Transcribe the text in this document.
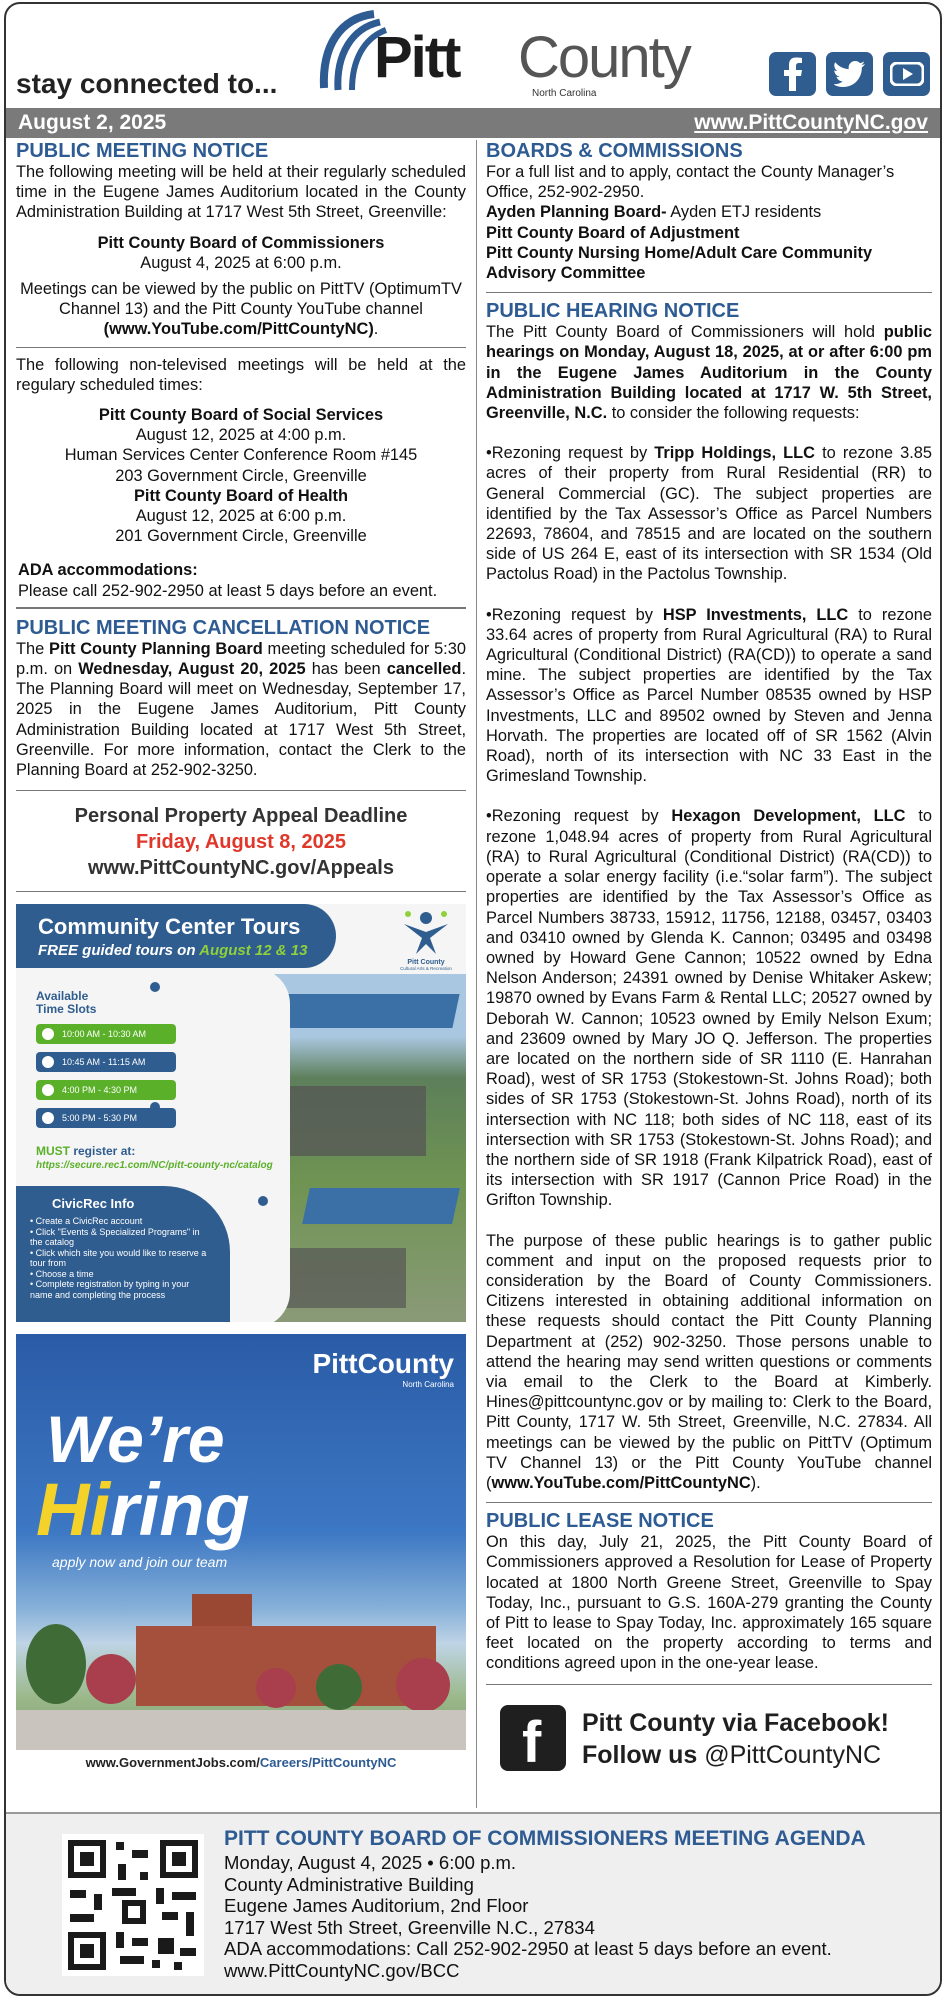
stay connected to... Pitt County
North Carolina
August 2, 2025	www.PittCountyNC.gov
PUBLIC MEETING NOTICE

The following meeting will be held at their regularly scheduled time in the Eugene James Auditorium located in the County Administration Building at 1717 West 5th Street, Greenville:

Pitt County Board of Commissioners

August 4, 2025 at 6:00 p.m.

Meetings can be viewed by the public on PittTV (OptimumTV Channel 13) and the Pitt County YouTube channel (www.YouTube.com/PittCountyNC).

The following non-televised meetings will be held at the regulary scheduled times:

Pitt County Board of Social Services

August 12, 2025 at 4:00 p.m.

Human Services Center Conference Room #145

203 Government Circle, Greenville

Pitt County Board of Health

August 12, 2025 at 6:00 p.m.

201 Government Circle, Greenville

ADA accommodations:

Please call 252-902-2950 at least 5 days before an event.

PUBLIC MEETING CANCELLATION NOTICE

The Pitt County Planning Board meeting scheduled for 5:30 p.m. on Wednesday, August 20, 2025 has been cancelled. The Planning Board will meet on Wednesday, September 17, 2025 in the Eugene James Auditorium, Pitt County Administration Building located at 1717 West 5th Street, Greenville. For more information, contact the Clerk to the Planning Board at 252-902-3250.

Personal Property Appeal Deadline
Friday, August 8, 2025
www.PittCountyNC.gov/Appeals
Community Center Tours
FREE guided tours on August 12 & 13
Pitt County
Cultural Arts & Recreation
Available
Time Slots
10:00 AM - 10:30 AM
10:45 AM - 11:15 AM
4:00 PM - 4:30 PM
5:00 PM - 5:30 PM
MUST register at:
https://secure.rec1.com/NC/pitt-county-nc/catalog
CivicRec Info
• Create a CivicRec account
• Click "Events & Specialized Programs" in the catalog
• Click which site you would like to reserve a tour from
• Choose a time
• Complete registration by typing in your name and completing the process
PittCounty
North Carolina
We’re
Hiring
apply now and join our team
www.GovernmentJobs.com/Careers/PittCountyNC
BOARDS & COMMISSIONS

For a full list and to apply, contact the County Manager’s Office, 252-902-2950.

Ayden Planning Board- Ayden ETJ residents

Pitt County Board of Adjustment

Pitt County Nursing Home/Adult Care Community Advisory Committee

PUBLIC HEARING NOTICE

The Pitt County Board of Commissioners will hold public hearings on Monday, August 18, 2025, at or after 6:00 pm in the Eugene James Auditorium in the County Administration Building located at 1717 W. 5th Street, Greenville, N.C. to consider the following requests:

•Rezoning request by Tripp Holdings, LLC to rezone 3.85 acres of their property from Rural Residential (RR) to General Commercial (GC). The subject properties are identified by the Tax Assessor’s Office as Parcel Numbers 22693, 78604, and 78515 and are located on the southern side of US 264 E, east of its intersection with SR 1534 (Old Pactolus Road) in the Pactolus Township.

•Rezoning request by HSP Investments, LLC to rezone 33.64 acres of property from Rural Agricultural (RA) to Rural Agricultural (Conditional District) (RA(CD)) to operate a sand mine. The subject properties are identified by the Tax Assessor’s Office as Parcel Number 08535 owned by HSP Investments, LLC and 89502 owned by Steven and Jenna Horvath. The properties are located off of SR 1562 (Alvin Road), north of its intersection with NC 33 East in the Grimesland Township.

•Rezoning request by Hexagon Development, LLC to rezone 1,048.94 acres of property from Rural Agricultural (RA) to Rural Agricultural (Conditional District) (RA(CD)) to operate a solar energy facility (i.e.“solar farm”). The subject properties are identified by the Tax Assessor’s Office as Parcel Numbers 38733, 15912, 11756, 12188, 03457, 03403 and 03410 owned by Glenda K. Cannon; 03495 and 03498 owned by Howard Gene Cannon; 10522 owned by Edna Nelson Anderson; 24391 owned by Denise Whitaker Askew; 19870 owned by Evans Farm & Rental LLC; 20527 owned by Deborah W. Cannon; 10523 owned by Emily Nelson Exum; and 23609 owned by Mary JO Q. Jefferson. The properties are located on the northern side of SR 1110 (E. Hanrahan Road), west of SR 1753 (Stokestown-St. Johns Road); both sides of SR 1753 (Stokestown-St. Johns Road), north of its intersection with NC 118; both sides of NC 118, east of its intersection with SR 1753 (Stokestown-St. Johns Road); and the northern side of SR 1918 (Frank Kilpatrick Road), east of its intersection with SR 1917 (Cannon Price Road) in the Grifton Township.

The purpose of these public hearings is to gather public comment and input on the proposed requests prior to consideration by the Board of County Commissioners. Citizens interested in obtaining additional information on these requests should contact the Pitt County Planning Department at (252) 902-3250. Those persons unable to attend the hearing may send written questions or comments via email to the Clerk to the Board at Kimberly. Hines@pittcountync.gov or by mailing to: Clerk to the Board, Pitt County, 1717 W. 5th Street, Greenville, N.C. 27834. All meetings can be viewed by the public on PittTV (Optimum TV Channel 13) or the Pitt County YouTube channel (www.YouTube.com/PittCountyNC).

PUBLIC LEASE NOTICE

On this day, July 21, 2025, the Pitt County Board of Commissioners approved a Resolution for Lease of Property located at 1800 North Greene Street, Greenville to Spay Today, Inc., pursuant to G.S. 160A-279 granting the County of Pitt to lease to Spay Today, Inc. approximately 165 square feet located on the property according to terms and conditions agreed upon in the one-year lease.

f Pitt County via Facebook!
Follow us @PittCountyNC
PITT COUNTY BOARD OF COMMISSIONERS MEETING AGENDA
Monday, August 4, 2025 • 6:00 p.m.
County Administrative Building
Eugene James Auditorium, 2nd Floor
1717 West 5th Street, Greenville N.C., 27834
ADA accommodations: Call 252-902-2950 at least 5 days before an event.
www.PittCountyNC.gov/BCC
